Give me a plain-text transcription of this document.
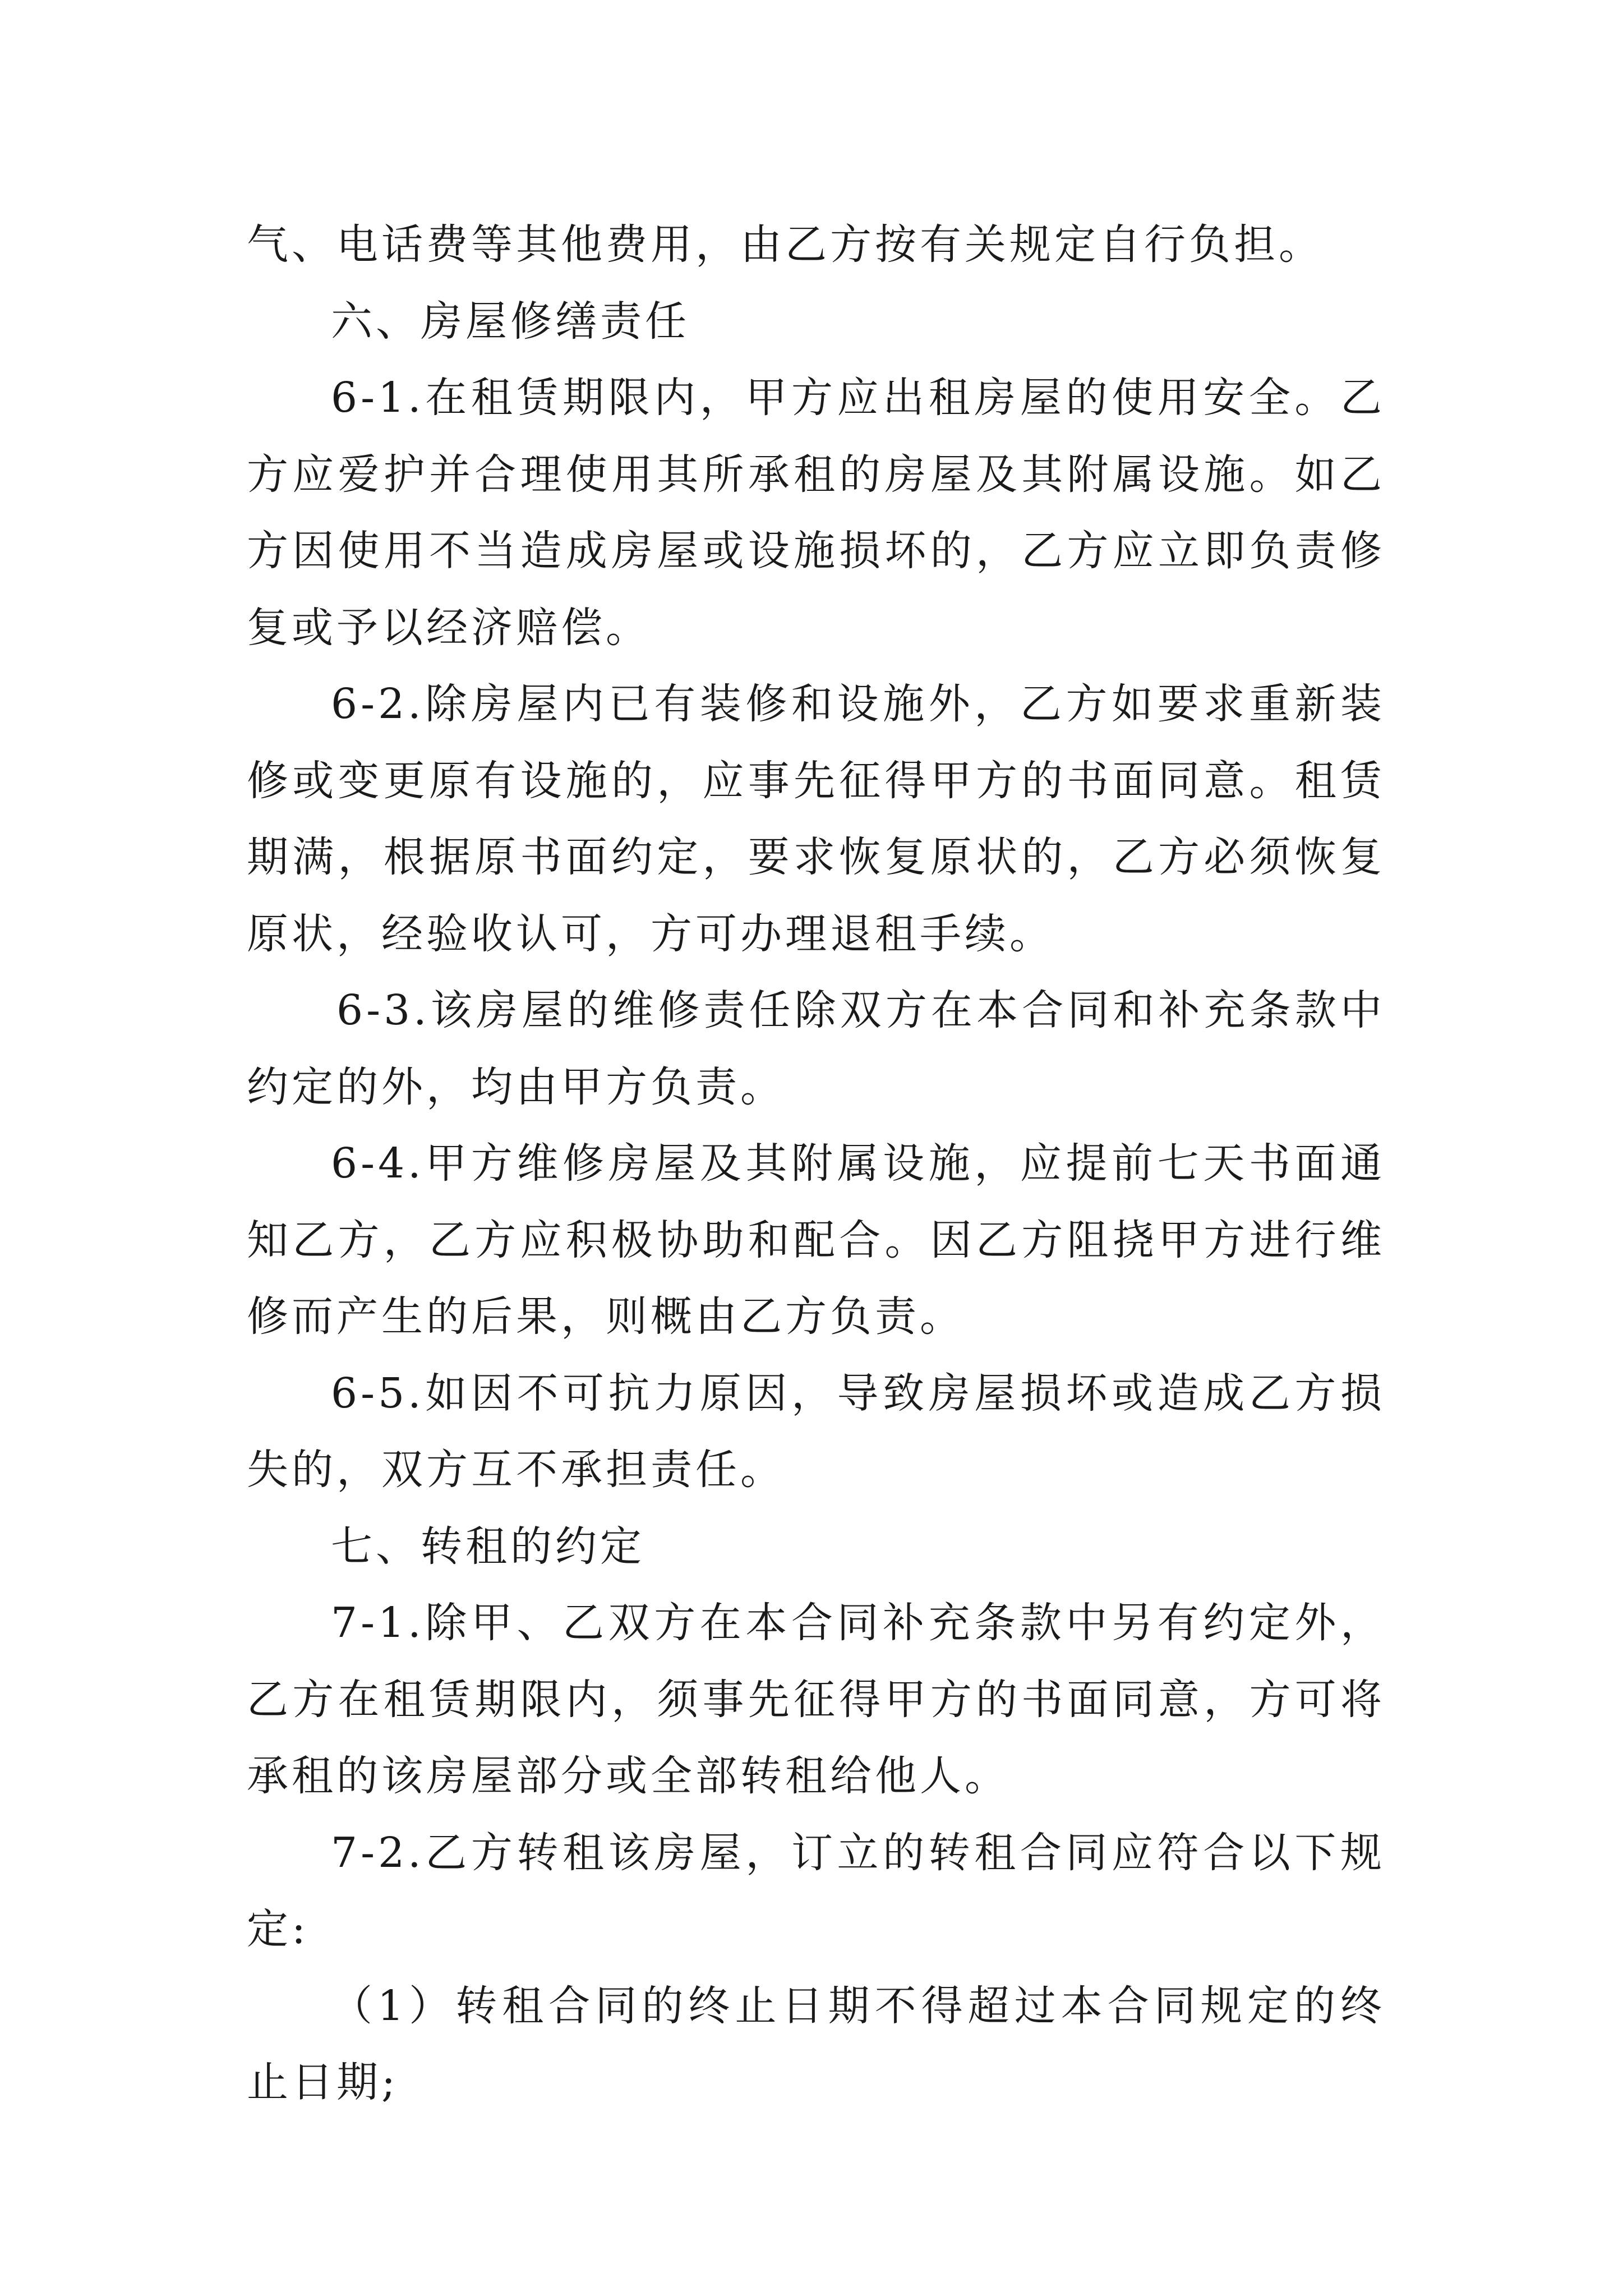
气、电话费等其他费用，由乙方按有关规定自行负担。

六、房屋修缮责任

6-1.在租赁期限内，甲方应出租房屋的使用安全。乙方应爱护并合理使用其所承租的房屋及其附属设施。如乙方因使用不当造成房屋或设施损坏的，乙方应立即负责修复或予以经济赔偿。

6-2.除房屋内已有装修和设施外，乙方如要求重新装修或变更原有设施的，应事先征得甲方的书面同意。租赁期满，根据原书面约定，要求恢复原状的，乙方必须恢复原状，经验收认可，方可办理退租手续。

6-3.该房屋的维修责任除双方在本合同和补充条款中约定的外，均由甲方负责。

6-4.甲方维修房屋及其附属设施，应提前七天书面通知乙方，乙方应积极协助和配合。因乙方阻挠甲方进行维修而产生的后果，则概由乙方负责。

6-5.如因不可抗力原因，导致房屋损坏或造成乙方损失的，双方互不承担责任。

七、转租的约定

7-1.除甲、乙双方在本合同补充条款中另有约定外，乙方在租赁期限内，须事先征得甲方的书面同意，方可将承租的该房屋部分或全部转租给他人。

7-2.乙方转租该房屋，订立的转租合同应符合以下规定:

（1）转租合同的终止日期不得超过本合同规定的终止日期;
